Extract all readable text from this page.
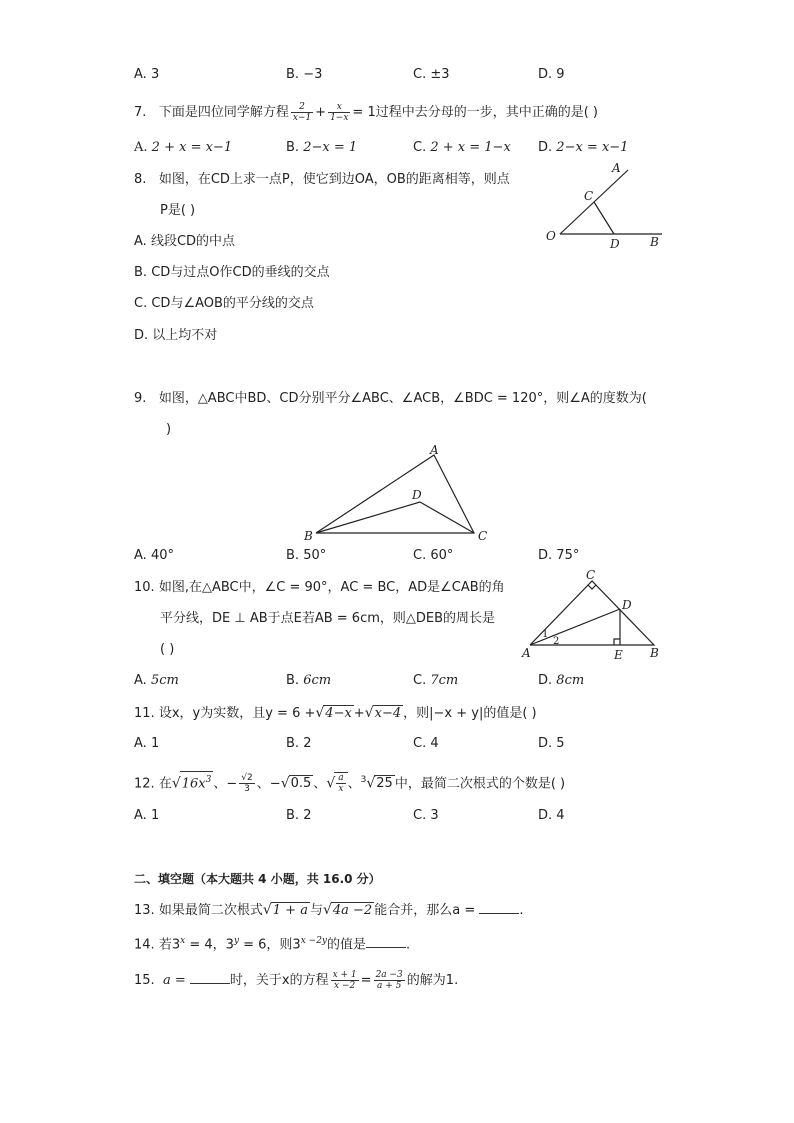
A. 3	B. −3	C. ±3	D. 9
7. 下面是四位同学解方程 $\frac{2}{x-1} + \frac{x}{1-x} = 1$过程中去分母的一步，其中正确的是( )
A. 2 + x = x−1	B. 2−x = 1	C. 2 + x = 1−x D. 2−x = x−1
8. 如图，在CD上求一点P，使它到边OA，OB的距离相等，则点
P是( )
A. 线段CD的中点
B. CD与过点O作CD的垂线的交点
C. CD与∠AOB的平分线的交点
D. 以上均不对
A
C
O
D	B
9. 如图，△ABC中BD、CD分别平分∠ABC、∠ACB，∠BDC = 120°，则∠A的度数为(
)
A
D
B	C
A. 40°	B. 50°	C. 60°	D. 75°
10. 如图,在△ABC中，∠C = 90°，AC = BC，AD是∠CAB的角
平分线，DE ⊥ AB于点E若AB = 6cm，则△DEB的周长是
( )
C
D
A	E B
1
2
A. 5cm	B. 6cm	C. 7cm	D. 8cm
11. 设x，y为实数，且y = 6 +√4−x +√x−4 ，则|−x + y|的值是( )
A. 1	B. 2	C. 4	D. 5
12. 在$√16x^3$ 、− $\frac{√2}{3}$ 、−√0.5 、√ $\frac{a}{x}$ 、$^3$√25 中，最简二次根式的个数是( )
A. 1	B. 2	C. 3	D. 4
二、填空题（本大题共 4 小题，共 16.0 分）
13. 如果最简二次根式√1 + a 与√4a −2 能合并，那么a =	.
14. 若$3^x = 4$，$3^y = 6$，则$3^{x -2y}$的值是	.
15. a =	时，关于x的方程 $\frac{x + 1}{x -2} = \frac{2a -3}{a + 5}$ 的解为1.
